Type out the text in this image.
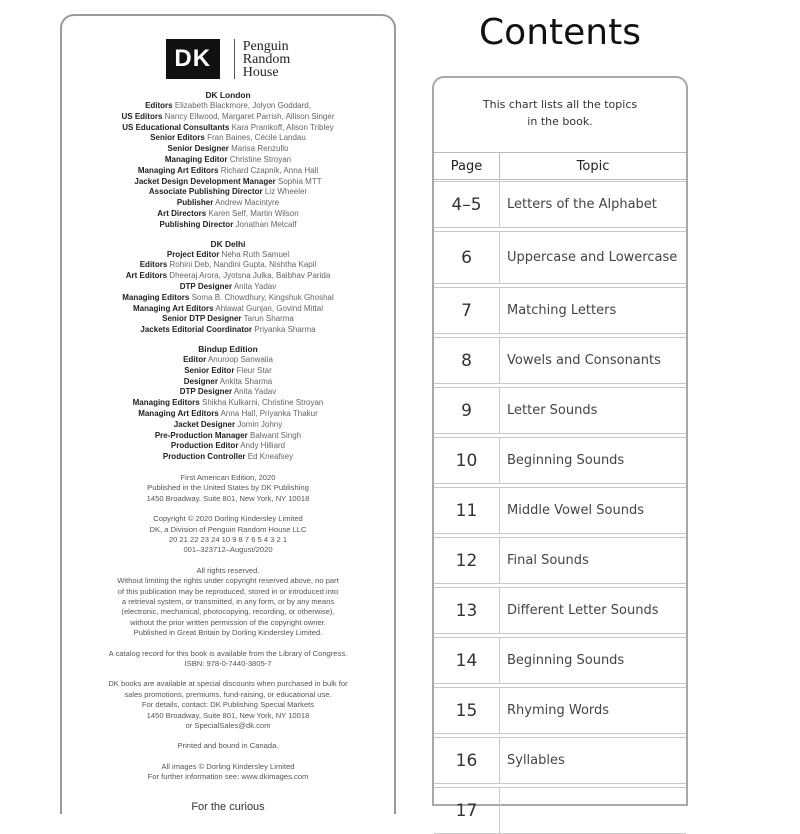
DK	Penguin
Random
House
DK London
Editors Elizabeth Blackmore, Jolyon Goddard,
US Editors Nancy Ellwood, Margaret Parrish, Allison Singer
US Educational Consultants Kara Pranikoff, Alison Tribley
Senior Editors Fran Baines, Cécile Landau
Senior Designer Marisa Renzullo
Managing Editor Christine Stroyan
Managing Art Editors Richard Czapnik, Anna Hall
Jacket Design Development Manager Sophia MTT
Associate Publishing Director Liz Wheeler
Publisher Andrew Macintyre
Art Directors Karen Self, Martin Wilson
Publishing Director Jonathan Metcalf
DK Delhi
Project Editor Neha Ruth Samuel
Editors Rohini Deb, Nandini Gupta, Nishtha Kapil
Art Editors Dheeraj Arora, Jyotsna Julka, Baibhav Parida
DTP Designer Anita Yadav
Managing Editors Soma B. Chowdhury, Kingshuk Ghoshal
Managing Art Editors Ahlawat Gunjan, Govind Mittal
Senior DTP Designer Tarun Sharma
Jackets Editorial Coordinator Priyanka Sharma
Bindup Edition
Editor Anuroop Sanwalia
Senior Editor Fleur Star
Designer Ankita Sharma
DTP Designer Anita Yadav
Managing Editors Shikha Kulkarni, Christine Stroyan
Managing Art Editors Anna Hall, Priyanka Thakur
Jacket Designer Jomin Johny
Pre-Production Manager Balwant Singh
Production Editor Andy Hilliard
Production Controller Ed Kneafsey
First American Edition, 2020
Published in the United States by DK Publishing
1450 Broadway, Suite 801, New York, NY 10018
Copyright © 2020 Dorling Kindersley Limited
DK, a Division of Penguin Random House LLC
20 21 22 23 24 10 9 8 7 6 5 4 3 2 1
001–323712–August/2020
All rights reserved.
Without limiting the rights under copyright reserved above, no part
of this publication may be reproduced, stored in or introduced into
a retrieval system, or transmitted, in any form, or by any means
(electronic, mechanical, photocopying, recording, or otherwise),
without the prior written permission of the copyright owner.
Published in Great Britain by Dorling Kindersley Limited.
A catalog record for this book is available from the Library of Congress.
ISBN: 978-0-7440-3805-7
DK books are available at special discounts when purchased in bulk for
sales promotions, premiums, fund-raising, or educational use.
For details, contact: DK Publishing Special Markets
1450 Broadway, Suite 801, New York, NY 10018
or SpecialSales@dk.com
Printed and bound in Canada.
All images © Dorling Kindersley Limited
For further information see: www.dkimages.com
For the curious
Contents
This chart lists all the topics
in the book.
Page	Topic
4–5	Letters of the Alphabet
6	Uppercase and Lowercase
7	Matching Letters
8	Vowels and Consonants
9	Letter Sounds
10	Beginning Sounds
11	Middle Vowel Sounds
12	Final Sounds
13	Different Letter Sounds
14	Beginning Sounds
15	Rhyming Words
16	Syllables
17
